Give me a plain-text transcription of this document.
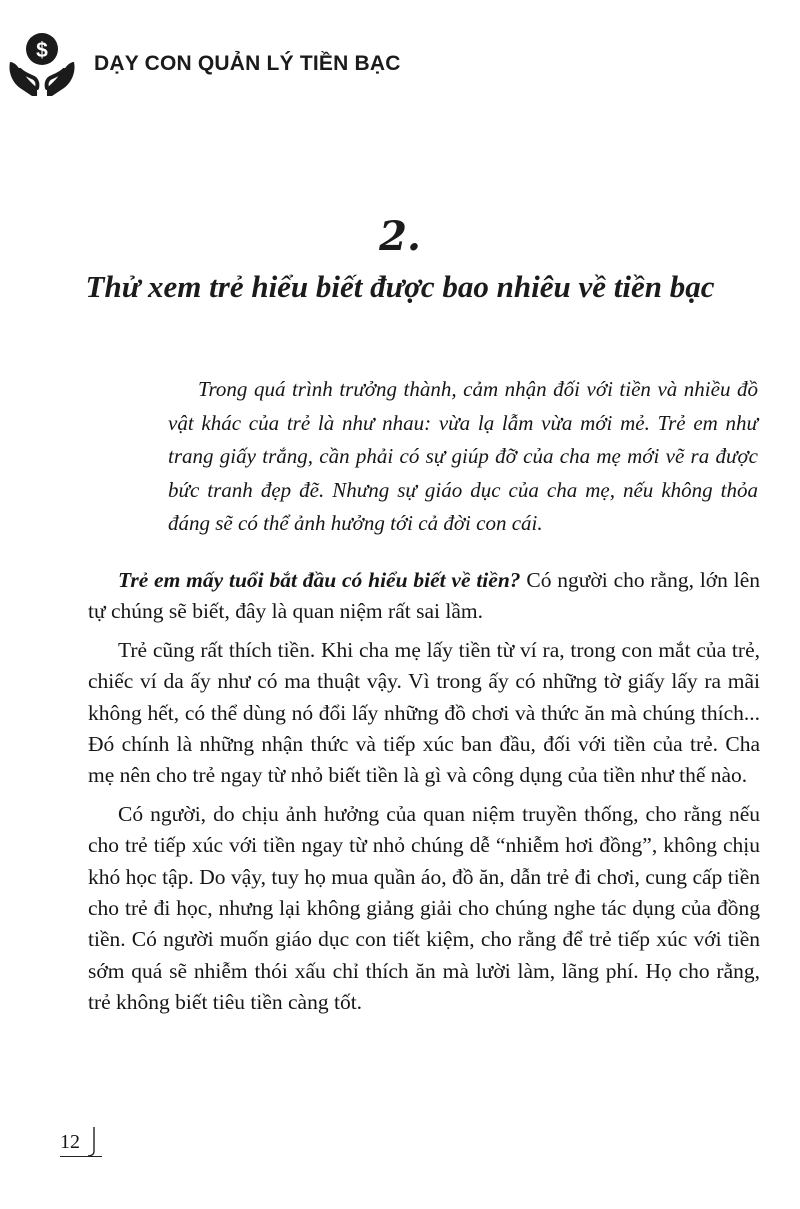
$
DẠY CON QUẢN LÝ TIỀN BẠC
2.
Thử xem trẻ hiểu biết được bao nhiêu về tiền bạc

Trong quá trình trưởng thành, cảm nhận đối với tiền và nhiều đồ vật khác của trẻ là như nhau: vừa lạ lẫm vừa mới mẻ. Trẻ em như trang giấy trắng, cần phải có sự giúp đỡ của cha mẹ mới vẽ ra được bức tranh đẹp đẽ. Nhưng sự giáo dục của cha mẹ, nếu không thỏa đáng sẽ có thể ảnh hưởng tới cả đời con cái.

Trẻ em mấy tuổi bắt đầu có hiểu biết về tiền? Có người cho rằng, lớn lên tự chúng sẽ biết, đây là quan niệm rất sai lầm.

Trẻ cũng rất thích tiền. Khi cha mẹ lấy tiền từ ví ra, trong con mắt của trẻ, chiếc ví da ấy như có ma thuật vậy. Vì trong ấy có những tờ giấy lấy ra mãi không hết, có thể dùng nó đổi lấy những đồ chơi và thức ăn mà chúng thích... Đó chính là những nhận thức và tiếp xúc ban đầu, đối với tiền của trẻ. Cha mẹ nên cho trẻ ngay từ nhỏ biết tiền là gì và công dụng của tiền như thế nào.

Có người, do chịu ảnh hưởng của quan niệm truyền thống, cho rằng nếu cho trẻ tiếp xúc với tiền ngay từ nhỏ chúng dễ “nhiễm hơi đồng”, không chịu khó học tập. Do vậy, tuy họ mua quần áo, đồ ăn, dẫn trẻ đi chơi, cung cấp tiền cho trẻ đi học, nhưng lại không giảng giải cho chúng nghe tác dụng của đồng tiền. Có người muốn giáo dục con tiết kiệm, cho rằng để trẻ tiếp xúc với tiền sớm quá sẽ nhiễm thói xấu chỉ thích ăn mà lười làm, lãng phí. Họ cho rằng, trẻ không biết tiêu tiền càng tốt.

12
